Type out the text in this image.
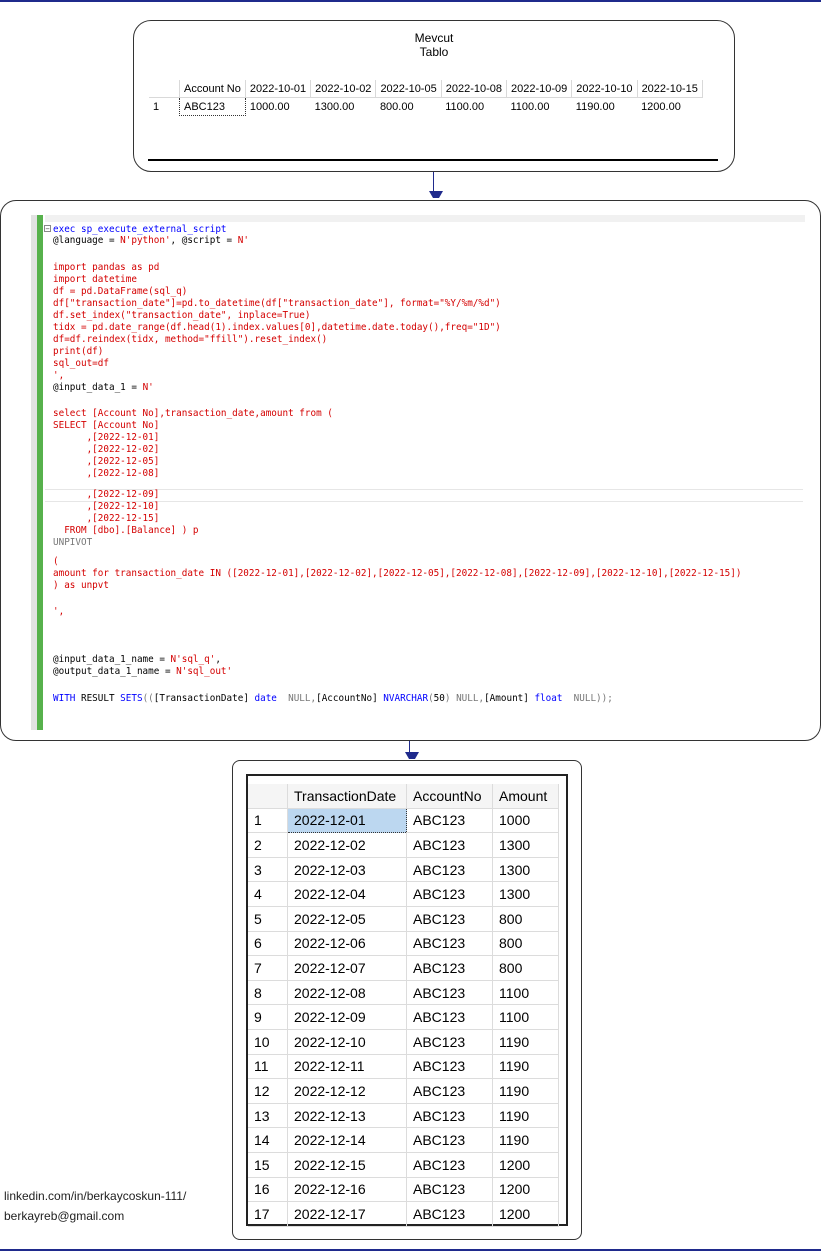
Mevcut
Tablo
	Account No	2022-10-01	2022-10-02	2022-10-05	2022-10-08	2022-10-09	2022-10-10	2022-10-15
1	ABC123	1000.00	1300.00	800.00	1100.00	1100.00	1190.00	1200.00
− exec sp_execute_external_script
@language = N'python', @script = N'
import pandas as pd
import datetime
df = pd.DataFrame(sql_q)
df["transaction_date"]=pd.to_datetime(df["transaction_date"], format="%Y/%m/%d")
df.set_index("transaction_date", inplace=True)
tidx = pd.date_range(df.head(1).index.values[0],datetime.date.today(),freq="1D")
df=df.reindex(tidx, method="ffill").reset_index()
print(df)
sql_out=df
',
@input_data_1 = N'
select [Account No],transaction_date,amount from (
SELECT [Account No]
,[2022-12-01]
,[2022-12-02]
,[2022-12-05]
,[2022-12-08]
,[2022-12-09]
,[2022-12-10]
,[2022-12-15]
FROM [dbo].[Balance] ) p
UNPIVOT
(
amount for transaction_date IN ([2022-12-01],[2022-12-02],[2022-12-05],[2022-12-08],[2022-12-09],[2022-12-10],[2022-12-15])
) as unpvt
',
@input_data_1_name = N'sql_q',
@output_data_1_name = N'sql_out'
WITH RESULT SETS(([TransactionDate] date  NULL,[AccountNo] NVARCHAR(50) NULL,[Amount] float  NULL));
	TransactionDate	AccountNo	Amount
1	2022-12-01	ABC123	1000
2	2022-12-02	ABC123	1300
3	2022-12-03	ABC123	1300
4	2022-12-04	ABC123	1300
5	2022-12-05	ABC123	800
6	2022-12-06	ABC123	800
7	2022-12-07	ABC123	800
8	2022-12-08	ABC123	1100
9	2022-12-09	ABC123	1100
10	2022-12-10	ABC123	1190
11	2022-12-11	ABC123	1190
12	2022-12-12	ABC123	1190
13	2022-12-13	ABC123	1190
14	2022-12-14	ABC123	1190
15	2022-12-15	ABC123	1200
16	2022-12-16	ABC123	1200
17	2022-12-17	ABC123	1200
linkedin.com/in/berkaycoskun-111/
berkayreb@gmail.com
